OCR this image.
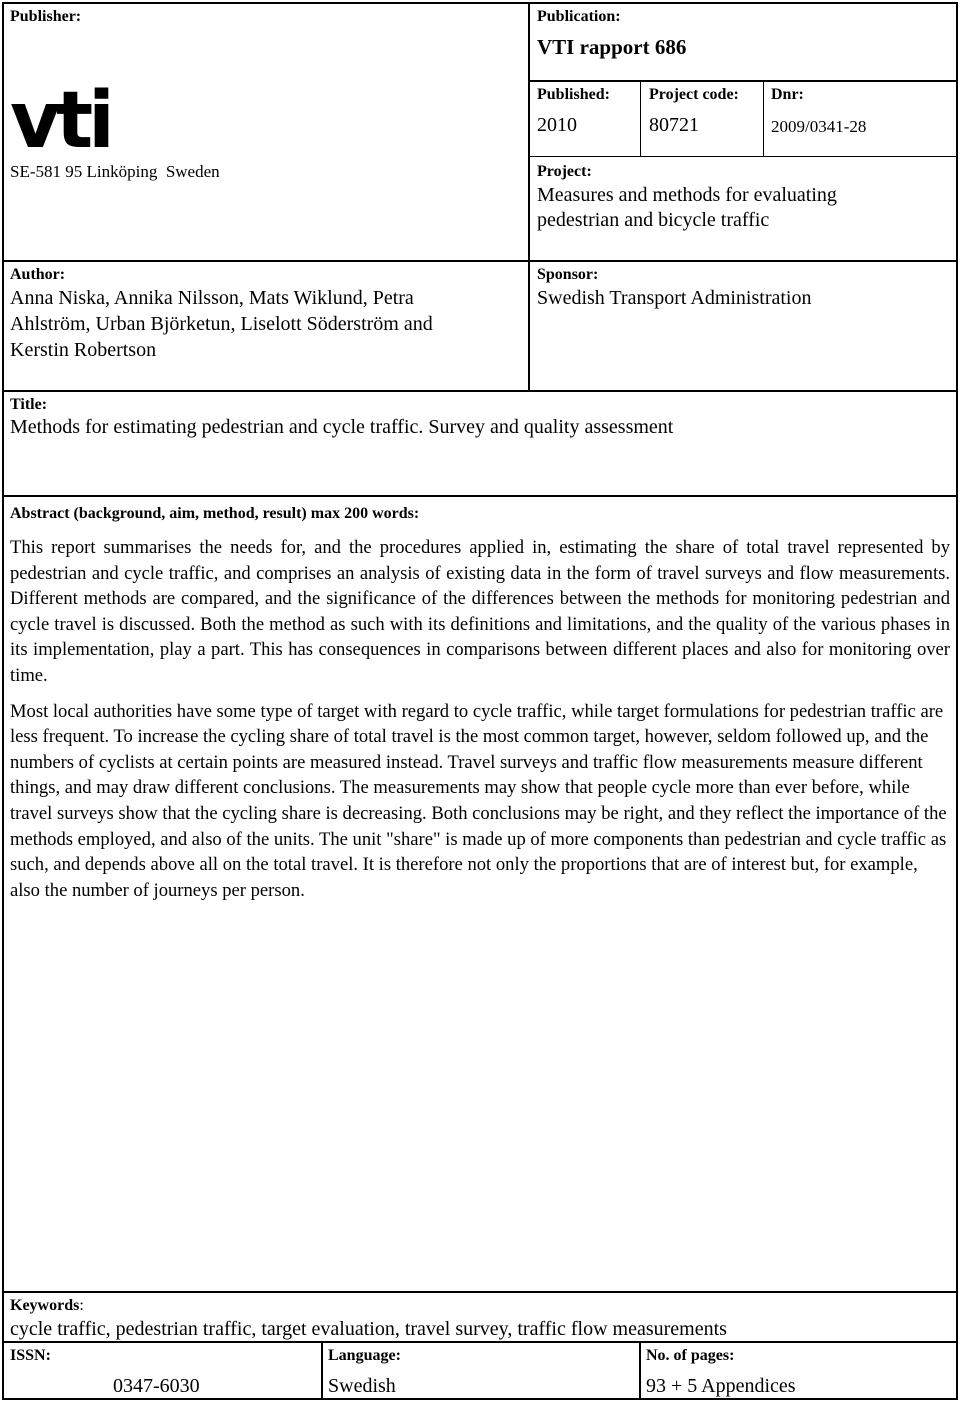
Publisher:
vti
SE-581 95 Linköping  Sweden
Publication:
VTI rapport 686
Published:
2010
Project code:
80721
Dnr:
2009/0341-28
Project:
Measures and methods for evaluating
pedestrian and bicycle traffic
Author:
Anna Niska, Annika Nilsson, Mats Wiklund, Petra
Ahlström, Urban Björketun, Liselott Söderström and
Kerstin Robertson
Sponsor:
Swedish Transport Administration
Title:
Methods for estimating pedestrian and cycle traffic. Survey and quality assessment
Abstract (background, aim, method, result) max 200 words:

This report summarises the needs for, and the procedures applied in, estimating the share of total travel represented by pedestrian and cycle traffic, and comprises an analysis of existing data in the form of travel surveys and flow measurements. Different methods are compared, and the significance of the differences between the methods for monitoring pedestrian and cycle travel is discussed. Both the method as such with its definitions and limitations, and the quality of the various phases in its implementation, play a part. This has consequences in comparisons between different places and also for monitoring over time.

Most local authorities have some type of target with regard to cycle traffic, while target formulations for pedestrian traffic are less frequent. To increase the cycling share of total travel is the most common target, however, seldom followed up, and the numbers of cyclists at certain points are measured instead. Travel surveys and traffic flow measurements measure different things, and may draw different conclusions. The measurements may show that people cycle more than ever before, while travel surveys show that the cycling share is decreasing. Both conclusions may be right, and they reflect the importance of the methods employed, and also of the units. The unit "share" is made up of more components than pedestrian and cycle traffic as such, and depends above all on the total travel. It is therefore not only the proportions that are of interest but, for example, also the number of journeys per person.

Keywords:
cycle traffic, pedestrian traffic, target evaluation, travel survey, traffic flow measurements
ISSN:
0347-6030
Language:
Swedish
No. of pages:
93 + 5 Appendices
